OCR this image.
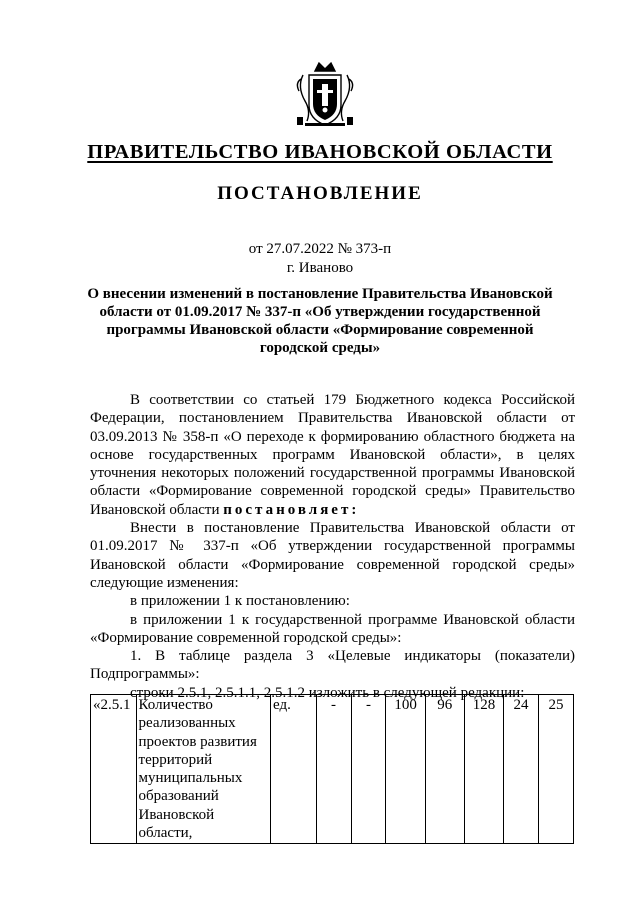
ПРАВИТЕЛЬСТВО ИВАНОВСКОЙ ОБЛАСТИ
ПОСТАНОВЛЕНИЕ
от 27.07.2022 № 373-п
г. Иваново
О внесении изменений в постановление Правительства Ивановской области от 01.09.2017 № 337-п «Об утверждении государственной программы Ивановской области «Формирование современной городской среды»

В соответствии со статьей 179 Бюджетного кодекса Российской Федерации, постановлением Правительства Ивановской области от 03.09.2013 № 358-п «О переходе к формированию областного бюджета на основе государственных программ Ивановской области», в целях уточнения некоторых положений государственной программы Ивановской области «Формирование современной городской среды» Правительство Ивановской области постановляет:

Внести в постановление Правительства Ивановской области от 01.09.2017 № 337-п «Об утверждении государственной программы Ивановской области «Формирование современной городской среды» следующие изменения:

в приложении 1 к постановлению:

в приложении 1 к государственной программе Ивановской области «Формирование современной городской среды»:

1. В таблице раздела 3 «Целевые индикаторы (показатели) Подпрограммы»:

строки 2.5.1, 2.5.1.1, 2.5.1.2 изложить в следующей редакции:

«2.5.1	Количество реализованных проектов развития территорий муниципальных образований Ивановской области,	ед.	-	-	100	96	128	24	25
